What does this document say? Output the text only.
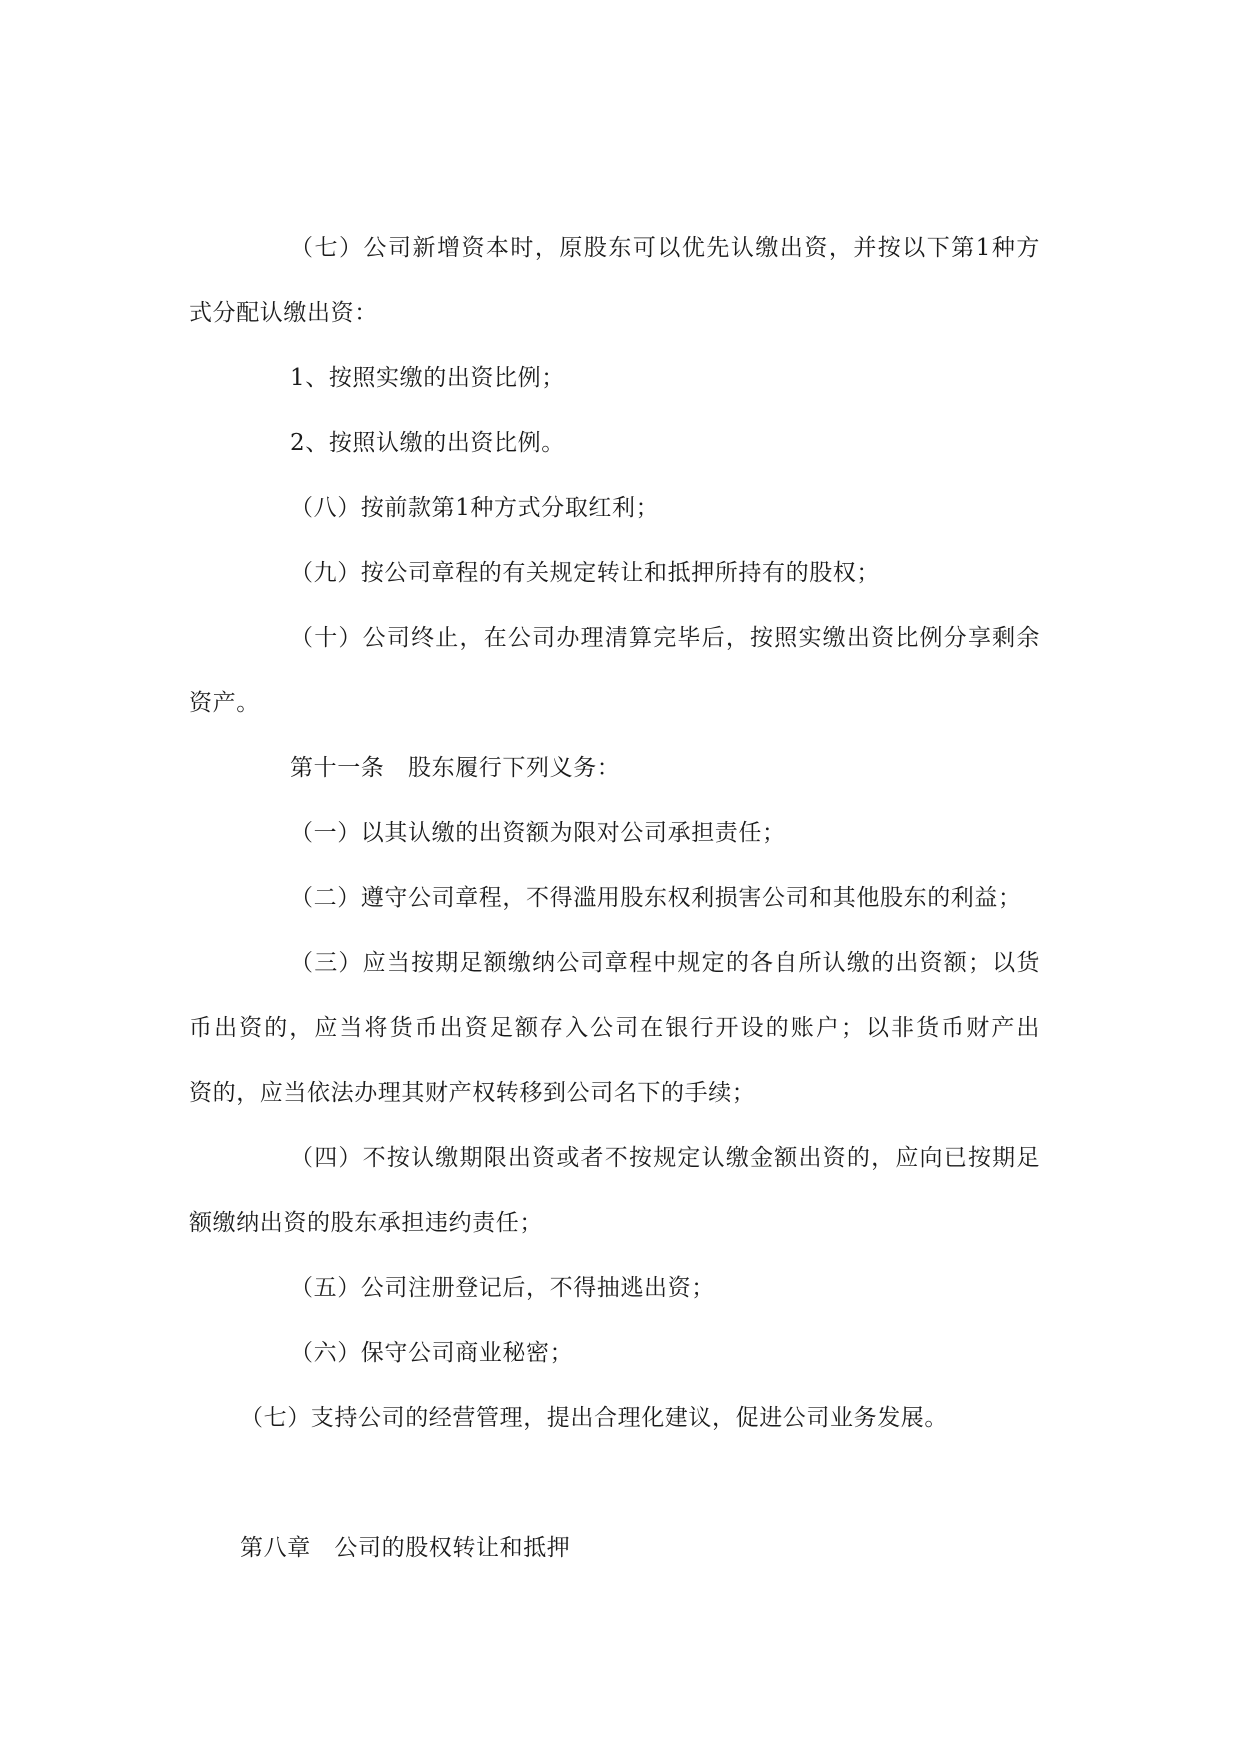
（七）公司新增资本时，原股东可以优先认缴出资，并按以下第1种方
式分配认缴出资：
1、按照实缴的出资比例；
2、按照认缴的出资比例。
（八）按前款第1种方式分取红利；
（九）按公司章程的有关规定转让和抵押所持有的股权；
（十）公司终止，在公司办理清算完毕后，按照实缴出资比例分享剩余
资产。
第十一条　股东履行下列义务：
（一）以其认缴的出资额为限对公司承担责任；
（二）遵守公司章程，不得滥用股东权利损害公司和其他股东的利益；
（三）应当按期足额缴纳公司章程中规定的各自所认缴的出资额；以货
币出资的，应当将货币出资足额存入公司在银行开设的账户；以非货币财产出
资的，应当依法办理其财产权转移到公司名下的手续；
（四）不按认缴期限出资或者不按规定认缴金额出资的，应向已按期足
额缴纳出资的股东承担违约责任；
（五）公司注册登记后，不得抽逃出资；
（六）保守公司商业秘密；
（七）支持公司的经营管理，提出合理化建议，促进公司业务发展。
第八章　公司的股权转让和抵押
